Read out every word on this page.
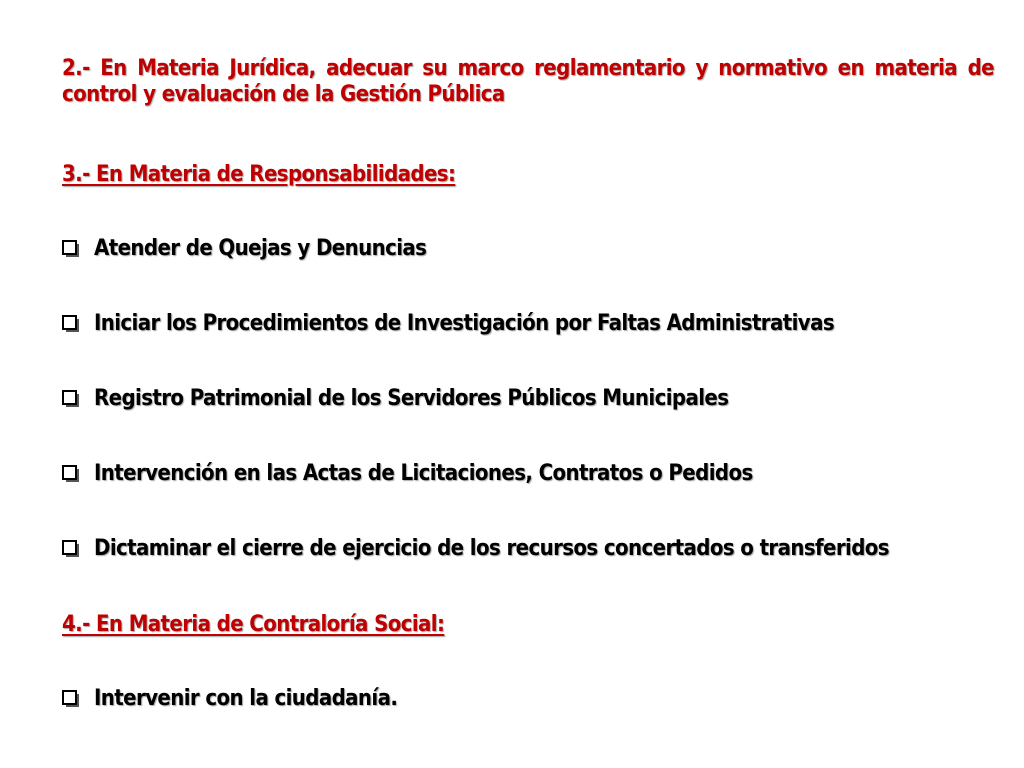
2.- En Materia Jurídica, adecuar su marco reglamentario y normativo en materia de control y evaluación de la Gestión Pública
3.- En Materia de Responsabilidades:
Atender de Quejas y Denuncias
Iniciar los Procedimientos de Investigación por Faltas Administrativas
Registro Patrimonial de los Servidores Públicos Municipales
Intervención en las Actas de Licitaciones, Contratos o Pedidos
Dictaminar el cierre de ejercicio de los recursos concertados o transferidos
4.- En Materia de Contraloría Social:
Intervenir con la ciudadanía.
